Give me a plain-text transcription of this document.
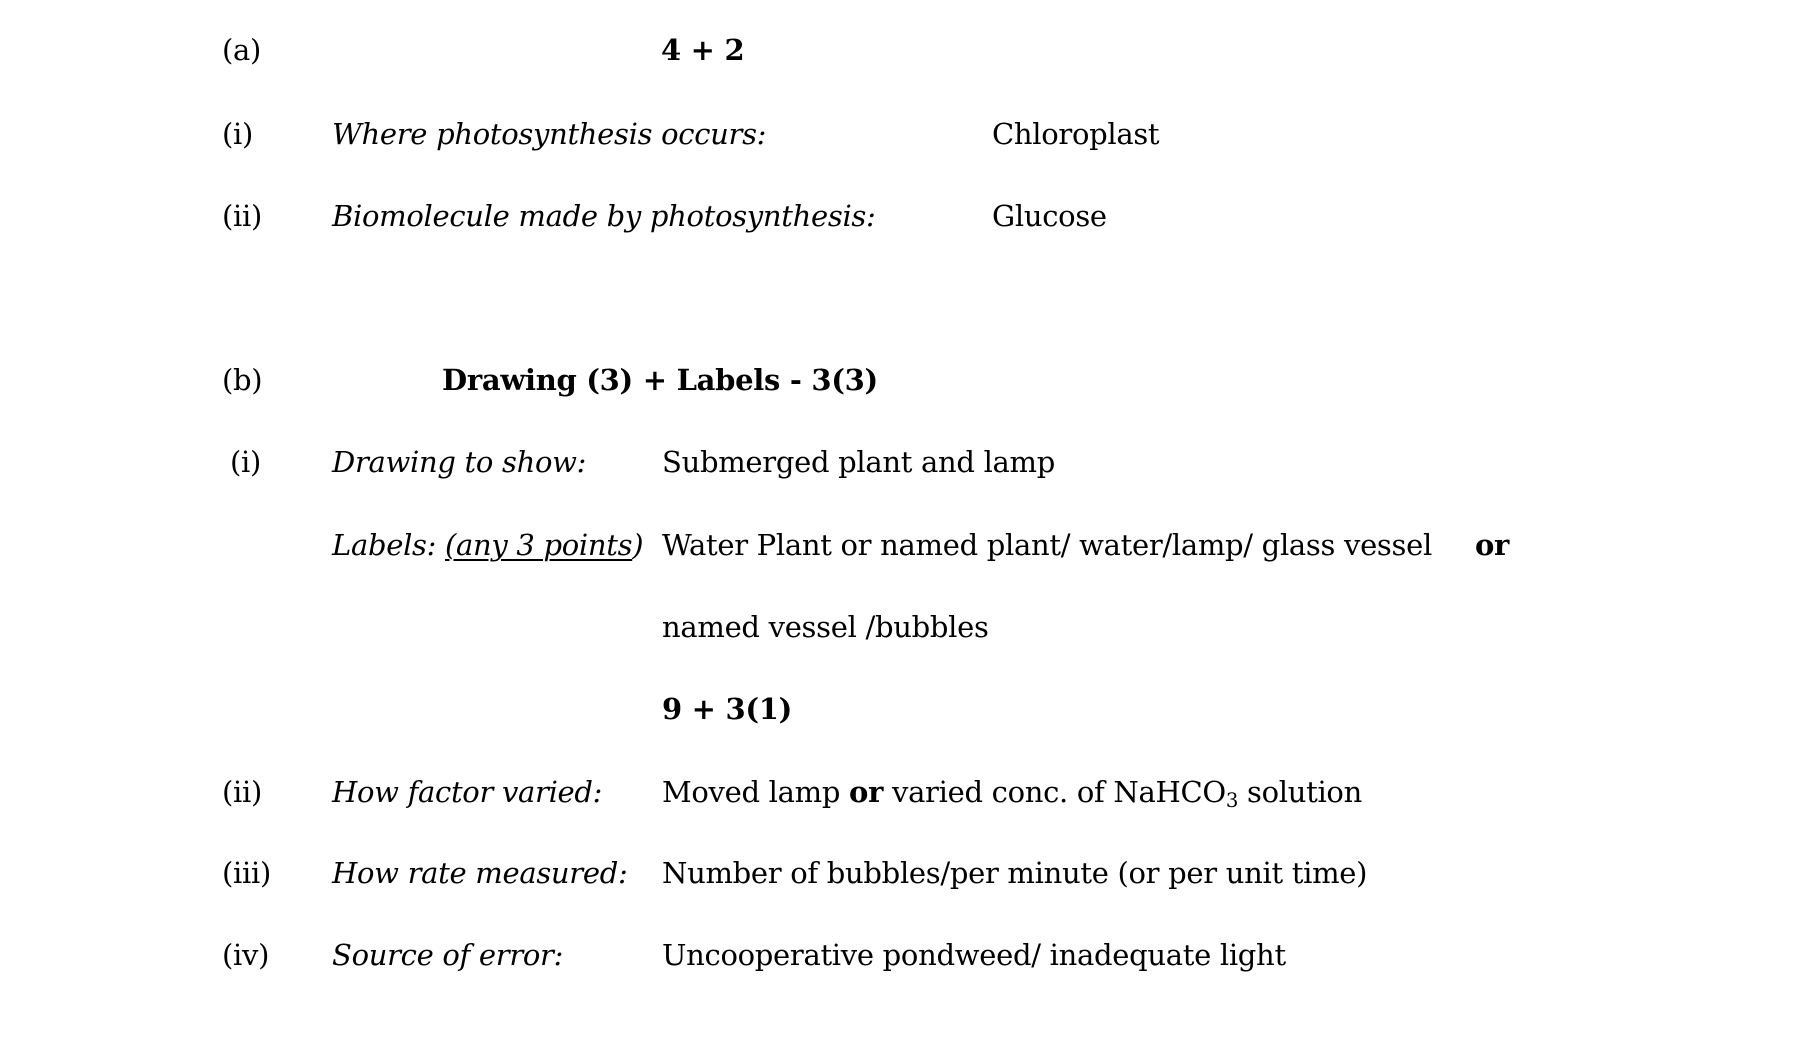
(a)	4 + 2
(i)	Where photosynthesis occurs:	Chloroplast
(ii) Biomolecule made by photosynthesis:	Glucose
(b)	Drawing (3) + Labels - 3(3)
(i) Drawing to show:	Submerged plant and lamp
Labels: (any 3 points) Water Plant or named plant/ water/lamp/ glass vessel or
named vessel /bubbles
9 + 3(1)
(ii) How factor varied: Moved lamp or varied conc. of NaHCO$_3$ solution
(iii) How rate measured: Number of bubbles/per minute (or per unit time)
(iv) Source of error:	Uncooperative pondweed/ inadequate light
